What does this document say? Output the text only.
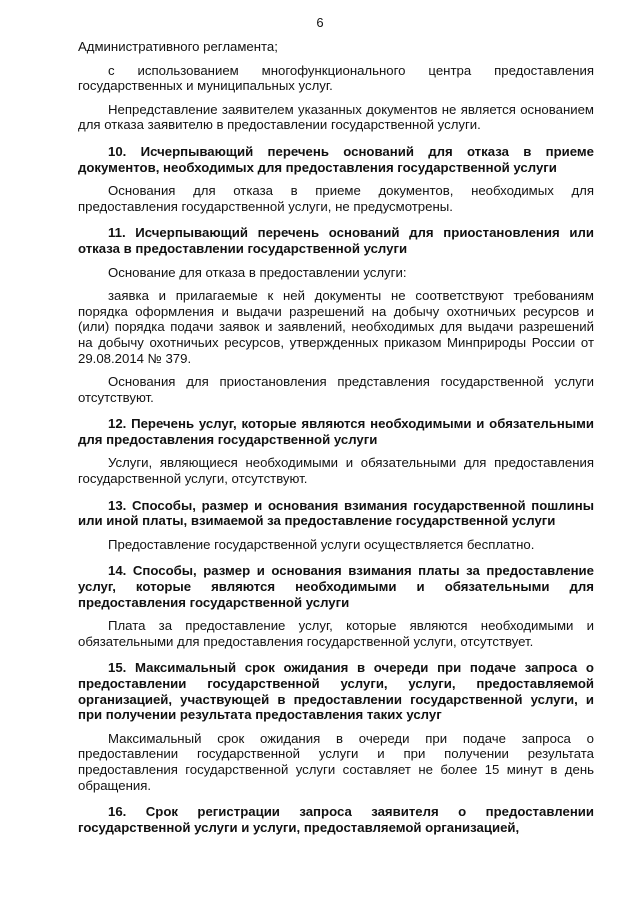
6

Административного регламента;

с использованием многофункционального центра предоставления государственных и муниципальных услуг.

Непредставление заявителем указанных документов не является основанием для отказа заявителю в предоставлении государственной услуги.

10. Исчерпывающий перечень оснований для отказа в приеме документов, необходимых для предоставления государственной услуги

Основания для отказа в приеме документов, необходимых для предоставления государственной услуги, не предусмотрены.

11. Исчерпывающий перечень оснований для приостановления или отказа в предоставлении государственной услуги

Основание для отказа в предоставлении услуги:

заявка и прилагаемые к ней документы не соответствуют требованиям порядка оформления и выдачи разрешений на добычу охотничьих ресурсов и (или) порядка подачи заявок и заявлений, необходимых для выдачи разрешений на добычу охотничьих ресурсов, утвержденных приказом Минприроды России от 29.08.2014 № 379.

Основания для приостановления представления государственной услуги отсутствуют.

12. Перечень услуг, которые являются необходимыми и обязательными для предоставления государственной услуги

Услуги, являющиеся необходимыми и обязательными для предоставления государственной услуги, отсутствуют.

13. Способы, размер и основания взимания государственной пошлины или иной платы, взимаемой за предоставление государственной услуги

Предоставление государственной услуги осуществляется бесплатно.

14. Способы, размер и основания взимания платы за предоставление услуг, которые являются необходимыми и обязательными для предоставления государственной услуги

Плата за предоставление услуг, которые являются необходимыми и обязательными для предоставления государственной услуги, отсутствует.

15. Максимальный срок ожидания в очереди при подаче запроса о предоставлении государственной услуги, услуги, предоставляемой организацией, участвующей в предоставлении государственной услуги, и при получении результата предоставления таких услуг

Максимальный срок ожидания в очереди при подаче запроса о предоставлении государственной услуги и при получении результата предоставления государственной услуги составляет не более 15 минут в день обращения.

16. Срок регистрации запроса заявителя о предоставлении государственной услуги и услуги, предоставляемой организацией,
